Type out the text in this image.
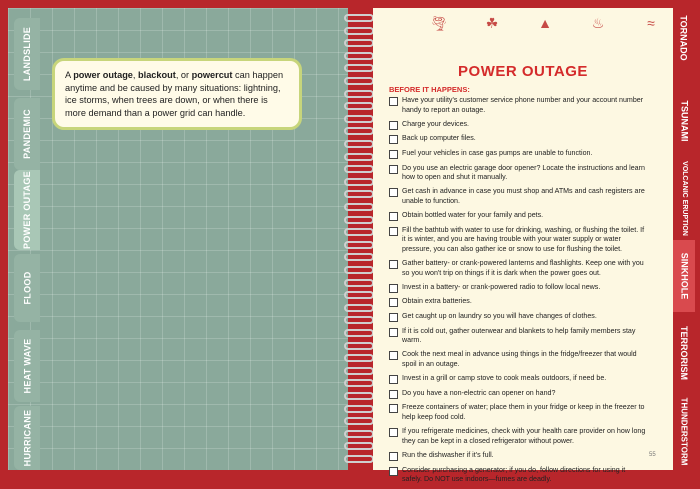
LANDSLIDE
PANDEMIC
POWER OUTAGE
FLOOD
HEAT WAVE
HURRICANE
A power outage, blackout, or powercut can happen anytime and be caused by many situations: lightning, ice storms, when trees are down, or when there is more demand than a power grid can handle.
🌪	☘	▲	♨	≈
POWER OUTAGE
BEFORE IT HAPPENS:
Have your utility's customer service phone number and your account number handy to report an outage.
Charge your devices.
Back up computer files.
Fuel your vehicles in case gas pumps are unable to function.
Do you use an electric garage door opener? Locate the instructions and learn how to open and shut it manually.
Get cash in advance in case you must shop and ATMs and cash registers are unable to function.
Obtain bottled water for your family and pets.
Fill the bathtub with water to use for drinking, washing, or flushing the toilet. If it is winter, and you are having trouble with your water supply or water pressure, you can also gather ice or snow to use for flushing the toilet.
Gather battery- or crank-powered lanterns and flashlights. Keep one with you so you won't trip on things if it is dark when the power goes out.
Invest in a battery- or crank-powered radio to follow local news.
Obtain extra batteries.
Get caught up on laundry so you will have changes of clothes.
If it is cold out, gather outerwear and blankets to help family members stay warm.
Cook the next meal in advance using things in the fridge/freezer that would spoil in an outage.
Invest in a grill or camp stove to cook meals outdoors, if need be.
Do you have a non-electric can opener on hand?
Freeze containers of water; place them in your fridge or keep in the freezer to help keep food cold.
If you refrigerate medicines, check with your health care provider on how long they can be kept in a closed refrigerator without power.
Run the dishwasher if it's full.
Consider purchasing a generator; if you do, follow directions for using it safely. Do NOT use indoors—fumes are deadly.
TORNADO
TSUNAMI
VOLCANIC ERUPTION
SINKHOLE
TERRORISM
THUNDERSTORM
55
